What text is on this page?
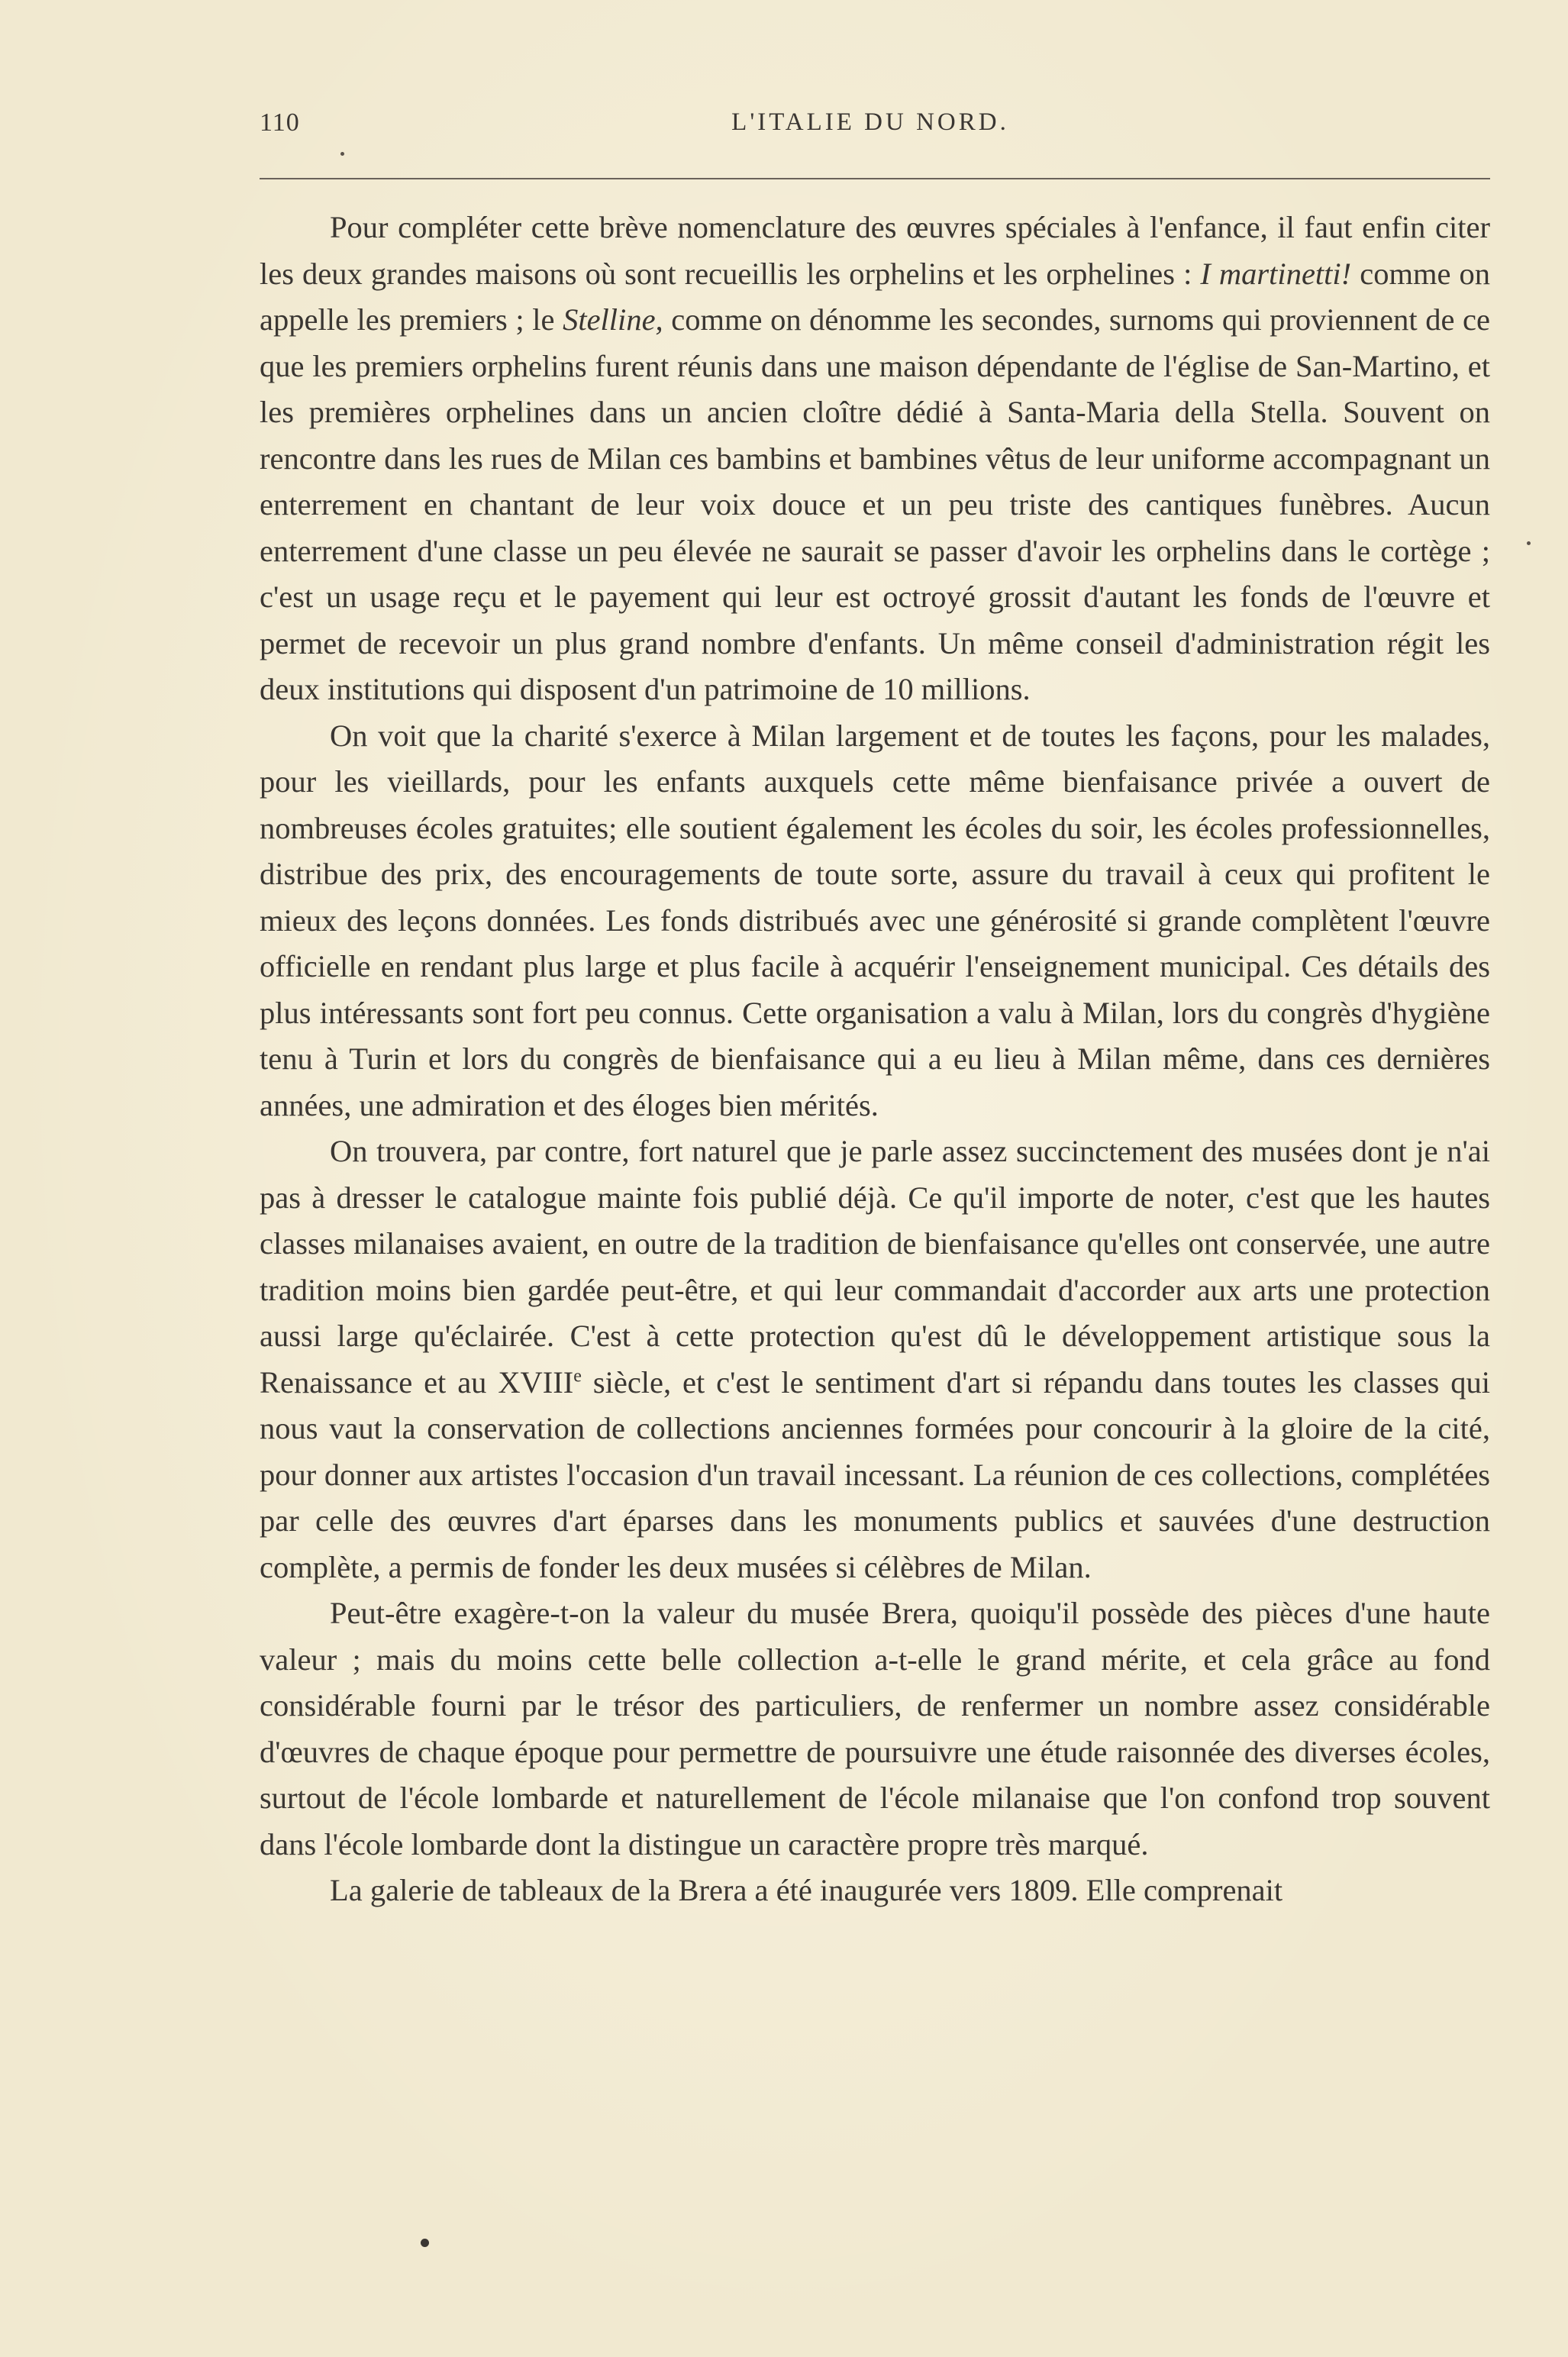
110	L'ITALIE DU NORD.

Pour compléter cette brève nomenclature des œuvres spéciales à l'enfance, il faut enfin citer les deux grandes maisons où sont recueillis les orphelins et les orphelines : I martinetti! comme on appelle les premiers ; le Stelline, comme on dénomme les secondes, surnoms qui proviennent de ce que les premiers orphelins furent réunis dans une maison dépendante de l'église de San-Martino, et les premières orphelines dans un ancien cloître dédié à Santa-Maria della Stella. Souvent on rencontre dans les rues de Milan ces bambins et bambines vêtus de leur uniforme accompagnant un enterrement en chantant de leur voix douce et un peu triste des cantiques funèbres. Aucun enterrement d'une classe un peu élevée ne saurait se passer d'avoir les orphelins dans le cortège ; c'est un usage reçu et le payement qui leur est octroyé grossit d'autant les fonds de l'œuvre et permet de recevoir un plus grand nombre d'enfants. Un même conseil d'administration régit les deux institutions qui disposent d'un patrimoine de 10 millions.

On voit que la charité s'exerce à Milan largement et de toutes les façons, pour les malades, pour les vieillards, pour les enfants auxquels cette même bienfaisance privée a ouvert de nombreuses écoles gratuites; elle soutient également les écoles du soir, les écoles professionnelles, distribue des prix, des encouragements de toute sorte, assure du travail à ceux qui profitent le mieux des leçons données. Les fonds distribués avec une générosité si grande complètent l'œuvre officielle en rendant plus large et plus facile à acquérir l'enseignement municipal. Ces détails des plus intéressants sont fort peu connus. Cette organisation a valu à Milan, lors du congrès d'hygiène tenu à Turin et lors du congrès de bienfaisance qui a eu lieu à Milan même, dans ces dernières années, une admiration et des éloges bien mérités.

On trouvera, par contre, fort naturel que je parle assez succinctement des musées dont je n'ai pas à dresser le catalogue mainte fois publié déjà. Ce qu'il importe de noter, c'est que les hautes classes milanaises avaient, en outre de la tradition de bienfaisance qu'elles ont conservée, une autre tradition moins bien gardée peut-être, et qui leur commandait d'accorder aux arts une protection aussi large qu'éclairée. C'est à cette protection qu'est dû le développement artistique sous la Renaissance et au XVIIIe siècle, et c'est le sentiment d'art si répandu dans toutes les classes qui nous vaut la conservation de collections anciennes formées pour concourir à la gloire de la cité, pour donner aux artistes l'occasion d'un travail incessant. La réunion de ces collections, complétées par celle des œuvres d'art éparses dans les monuments publics et sauvées d'une destruction complète, a permis de fonder les deux musées si célèbres de Milan.

Peut-être exagère-t-on la valeur du musée Brera, quoiqu'il possède des pièces d'une haute valeur ; mais du moins cette belle collection a-t-elle le grand mérite, et cela grâce au fond considérable fourni par le trésor des particuliers, de renfermer un nombre assez considérable d'œuvres de chaque époque pour permettre de poursuivre une étude raisonnée des diverses écoles, surtout de l'école lombarde et naturellement de l'école milanaise que l'on confond trop souvent dans l'école lombarde dont la distingue un caractère propre très marqué.

La galerie de tableaux de la Brera a été inaugurée vers 1809. Elle comprenait
